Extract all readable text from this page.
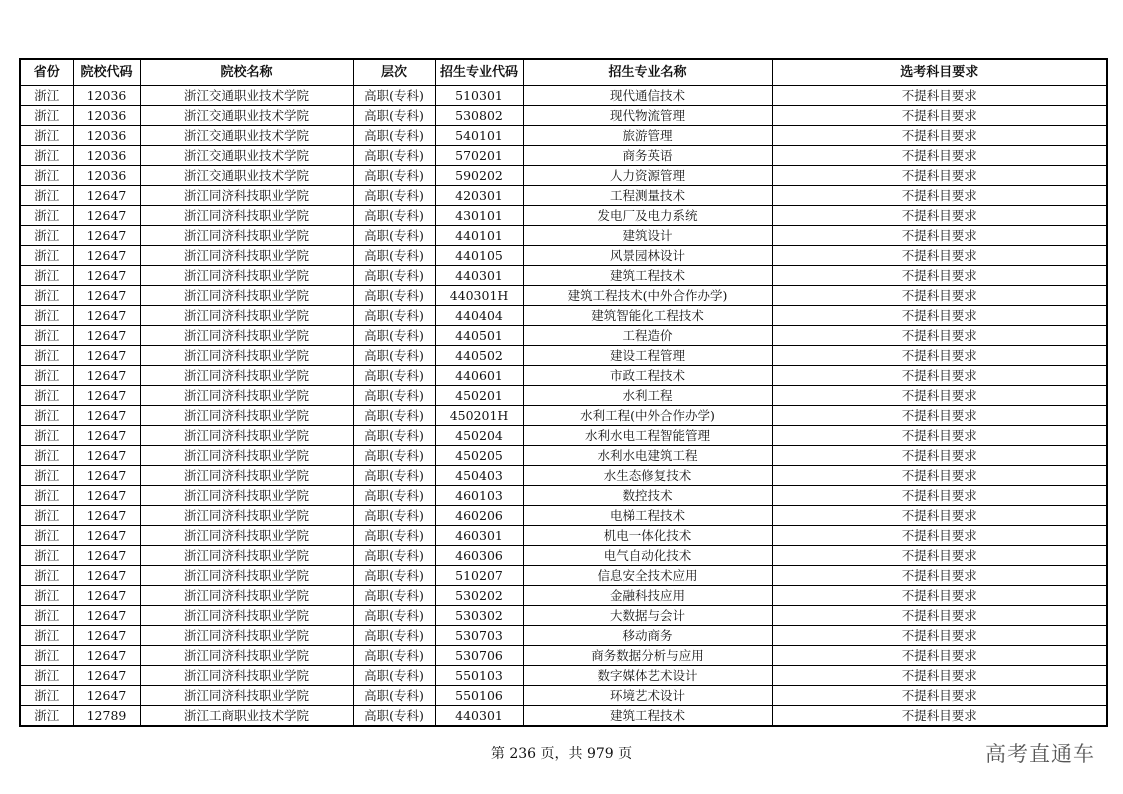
省份	院校代码	院校名称	层次	招生专业代码	招生专业名称	选考科目要求
浙江	12036	浙江交通职业技术学院	高职(专科)	510301	现代通信技术	不提科目要求
浙江	12036	浙江交通职业技术学院	高职(专科)	530802	现代物流管理	不提科目要求
浙江	12036	浙江交通职业技术学院	高职(专科)	540101	旅游管理	不提科目要求
浙江	12036	浙江交通职业技术学院	高职(专科)	570201	商务英语	不提科目要求
浙江	12036	浙江交通职业技术学院	高职(专科)	590202	人力资源管理	不提科目要求
浙江	12647	浙江同济科技职业学院	高职(专科)	420301	工程测量技术	不提科目要求
浙江	12647	浙江同济科技职业学院	高职(专科)	430101	发电厂及电力系统	不提科目要求
浙江	12647	浙江同济科技职业学院	高职(专科)	440101	建筑设计	不提科目要求
浙江	12647	浙江同济科技职业学院	高职(专科)	440105	风景园林设计	不提科目要求
浙江	12647	浙江同济科技职业学院	高职(专科)	440301	建筑工程技术	不提科目要求
浙江	12647	浙江同济科技职业学院	高职(专科)	440301H	建筑工程技术(中外合作办学)	不提科目要求
浙江	12647	浙江同济科技职业学院	高职(专科)	440404	建筑智能化工程技术	不提科目要求
浙江	12647	浙江同济科技职业学院	高职(专科)	440501	工程造价	不提科目要求
浙江	12647	浙江同济科技职业学院	高职(专科)	440502	建设工程管理	不提科目要求
浙江	12647	浙江同济科技职业学院	高职(专科)	440601	市政工程技术	不提科目要求
浙江	12647	浙江同济科技职业学院	高职(专科)	450201	水利工程	不提科目要求
浙江	12647	浙江同济科技职业学院	高职(专科)	450201H	水利工程(中外合作办学)	不提科目要求
浙江	12647	浙江同济科技职业学院	高职(专科)	450204	水利水电工程智能管理	不提科目要求
浙江	12647	浙江同济科技职业学院	高职(专科)	450205	水利水电建筑工程	不提科目要求
浙江	12647	浙江同济科技职业学院	高职(专科)	450403	水生态修复技术	不提科目要求
浙江	12647	浙江同济科技职业学院	高职(专科)	460103	数控技术	不提科目要求
浙江	12647	浙江同济科技职业学院	高职(专科)	460206	电梯工程技术	不提科目要求
浙江	12647	浙江同济科技职业学院	高职(专科)	460301	机电一体化技术	不提科目要求
浙江	12647	浙江同济科技职业学院	高职(专科)	460306	电气自动化技术	不提科目要求
浙江	12647	浙江同济科技职业学院	高职(专科)	510207	信息安全技术应用	不提科目要求
浙江	12647	浙江同济科技职业学院	高职(专科)	530202	金融科技应用	不提科目要求
浙江	12647	浙江同济科技职业学院	高职(专科)	530302	大数据与会计	不提科目要求
浙江	12647	浙江同济科技职业学院	高职(专科)	530703	移动商务	不提科目要求
浙江	12647	浙江同济科技职业学院	高职(专科)	530706	商务数据分析与应用	不提科目要求
浙江	12647	浙江同济科技职业学院	高职(专科)	550103	数字媒体艺术设计	不提科目要求
浙江	12647	浙江同济科技职业学院	高职(专科)	550106	环境艺术设计	不提科目要求
浙江	12789	浙江工商职业技术学院	高职(专科)	440301	建筑工程技术	不提科目要求
第 236 页，共 979 页	高考直通车
